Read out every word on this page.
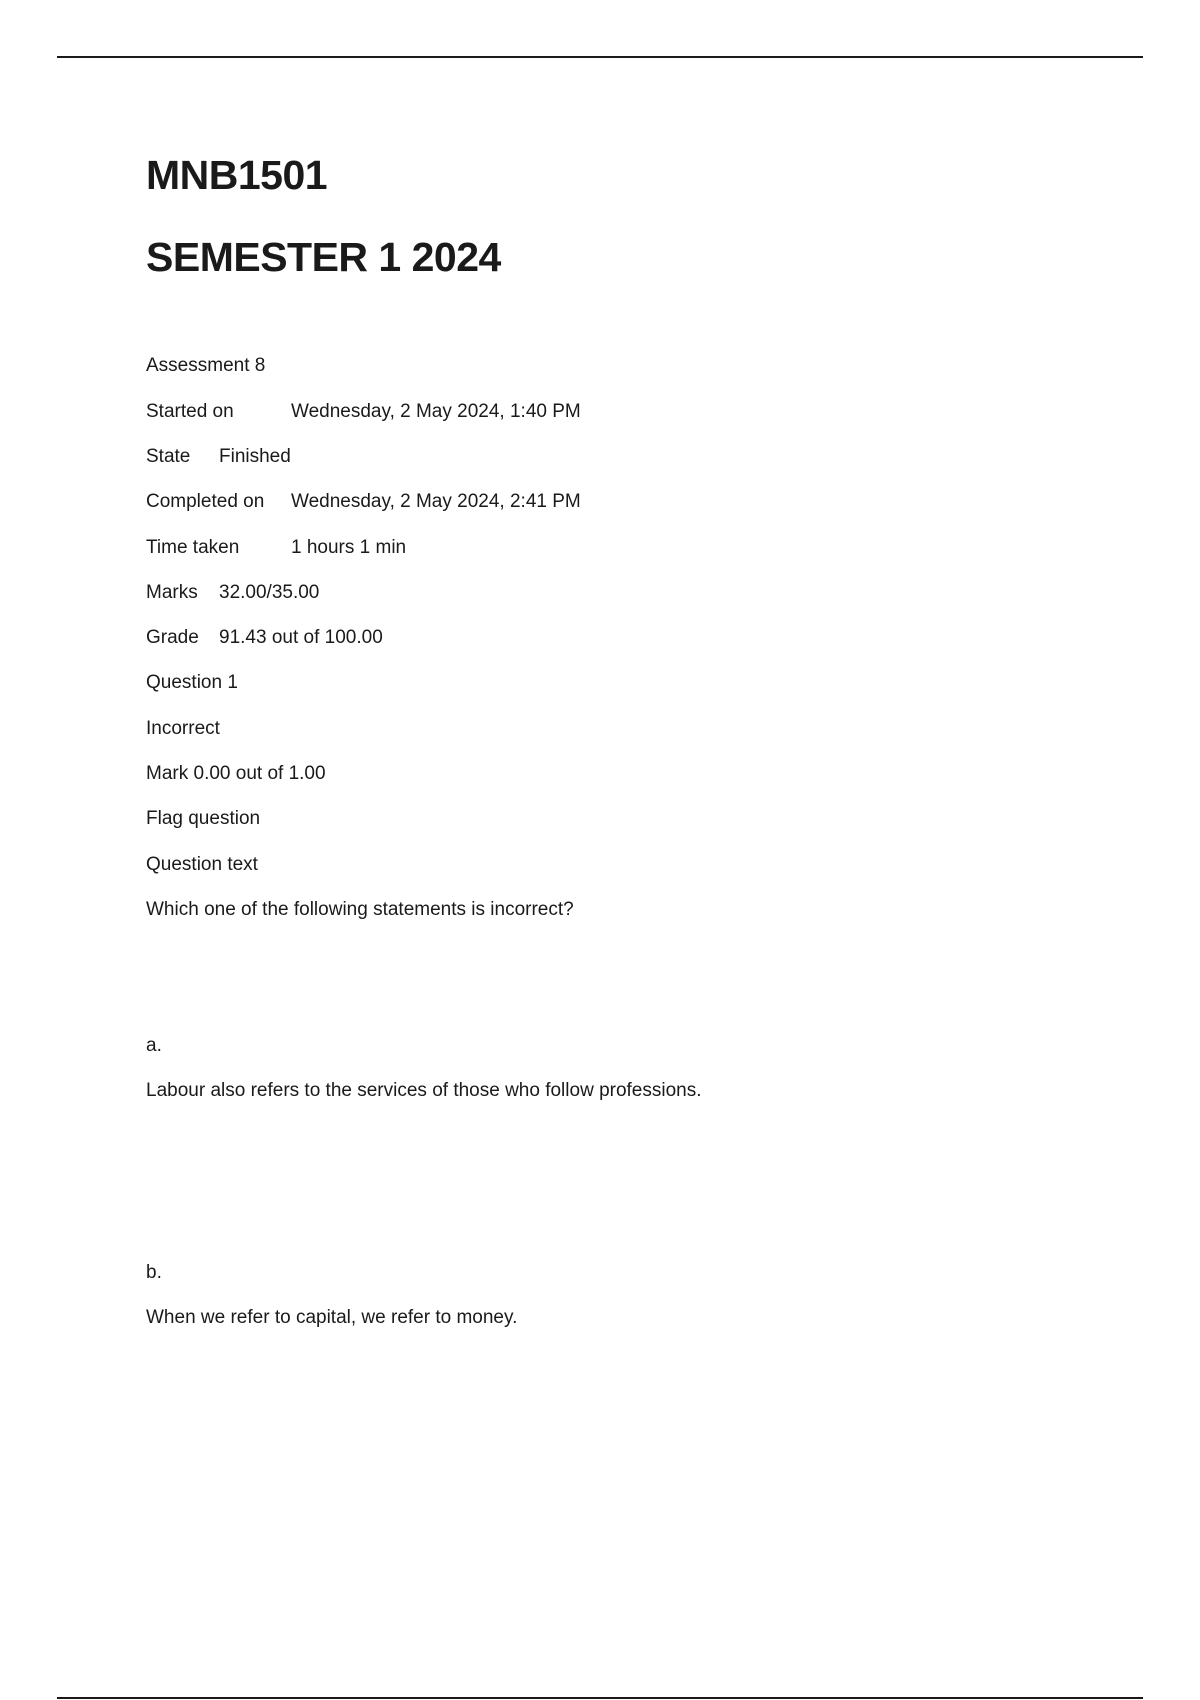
MNB1501
SEMESTER 1 2024
Assessment 8
Started on	Wednesday, 2 May 2024, 1:40 PM
State Finished
Completed on Wednesday, 2 May 2024, 2:41 PM
Time taken	1 hours 1 min
Marks 32.00/35.00
Grade 91.43 out of 100.00
Question 1
Incorrect
Mark 0.00 out of 1.00
Flag question
Question text
Which one of the following statements is incorrect?
a.
Labour also refers to the services of those who follow professions.
b.
When we refer to capital, we refer to money.
